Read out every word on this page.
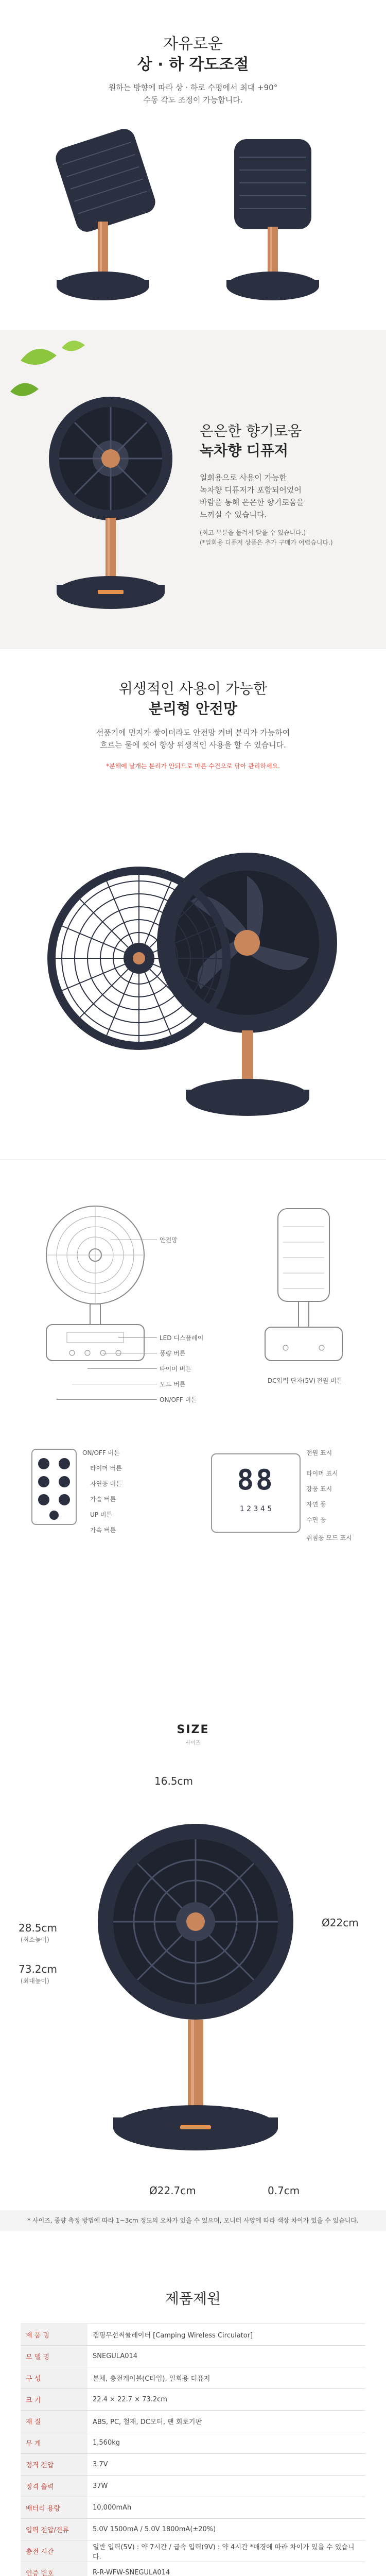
자유로운
상 · 하 각도조절
원하는 방향에 따라 상 · 하로 수평에서 최대 +90°
수동 각도 조정이 가능합니다.
은은한 향기로움
녹차향 디퓨저
일회용으로 사용이 가능한
녹차향 디퓨저가 포함되어있어
바람을 통해 은은한 향기로움을
느끼실 수 있습니다.
(최고 부분을 돌려서 달을 수 있습니다.)
(*일회용 디퓨저 상품은 추가 구매가 어렵습니다.)
위생적인 사용이 가능한
분리형 안전망
선풍기에 먼지가 쌓이더라도 안전망 커버 분리가 가능하여
흐르는 물에 씻어 항상 위생적인 사용을 할 수 있습니다.
*분해에 날개는 분리가 안되므로 마른 수건으로 닦아 관리하세요.
안전망
LED 디스플레이
풍량 버튼
타이머 버튼
모드 버튼
ON/OFF 버튼
DC입력 단자(5V) 전원 버튼
ON/OFF 버튼
타이머 버튼
자연풍 버튼
가습 버튼
UP 버튼
가속 버튼
88
1 2 3 4 5
전원 표시
타이머 표시
강풍 표시
자연 풍
수면 풍
취침풍 모드 표시
SIZE
사이즈
16.5cm
28.5cm
(최소높이)
73.2cm
(최대높이)
Ø22cm
Ø22.7cm	0.7cm
* 사이즈, 중량 측정 방법에 따라 1~3cm 정도의 오차가 있을 수 있으며, 모니터 사양에 따라 색상 차이가 있을 수 있습니다.
제품제원
제 품 명	캠핑무선써큘레이터 [Camping Wireless Circulator]
모 델 명	SNEGULA014
구 성	본체, 충전케이블(C타입), 일회용 디퓨저
크 기	22.4 × 22.7 × 73.2cm
재 질	ABS, PC, 철재, DC모터, 팬 회로기판
무 게	1,560kg
정격 전압	3.7V
정격 출력	37W
배터리 용량	10,000mAh
입력 전압/전류	5.0V 1500mA / 5.0V 1800mA(±20%)
충전 시간	일반 입력(5V) : 약 7시간 / 급속 입력(9V) : 약 4시간 *배경에 따라 차이가 있을 수 있습니다.
인증 번호	R-R-WFW-SNEGULA014
